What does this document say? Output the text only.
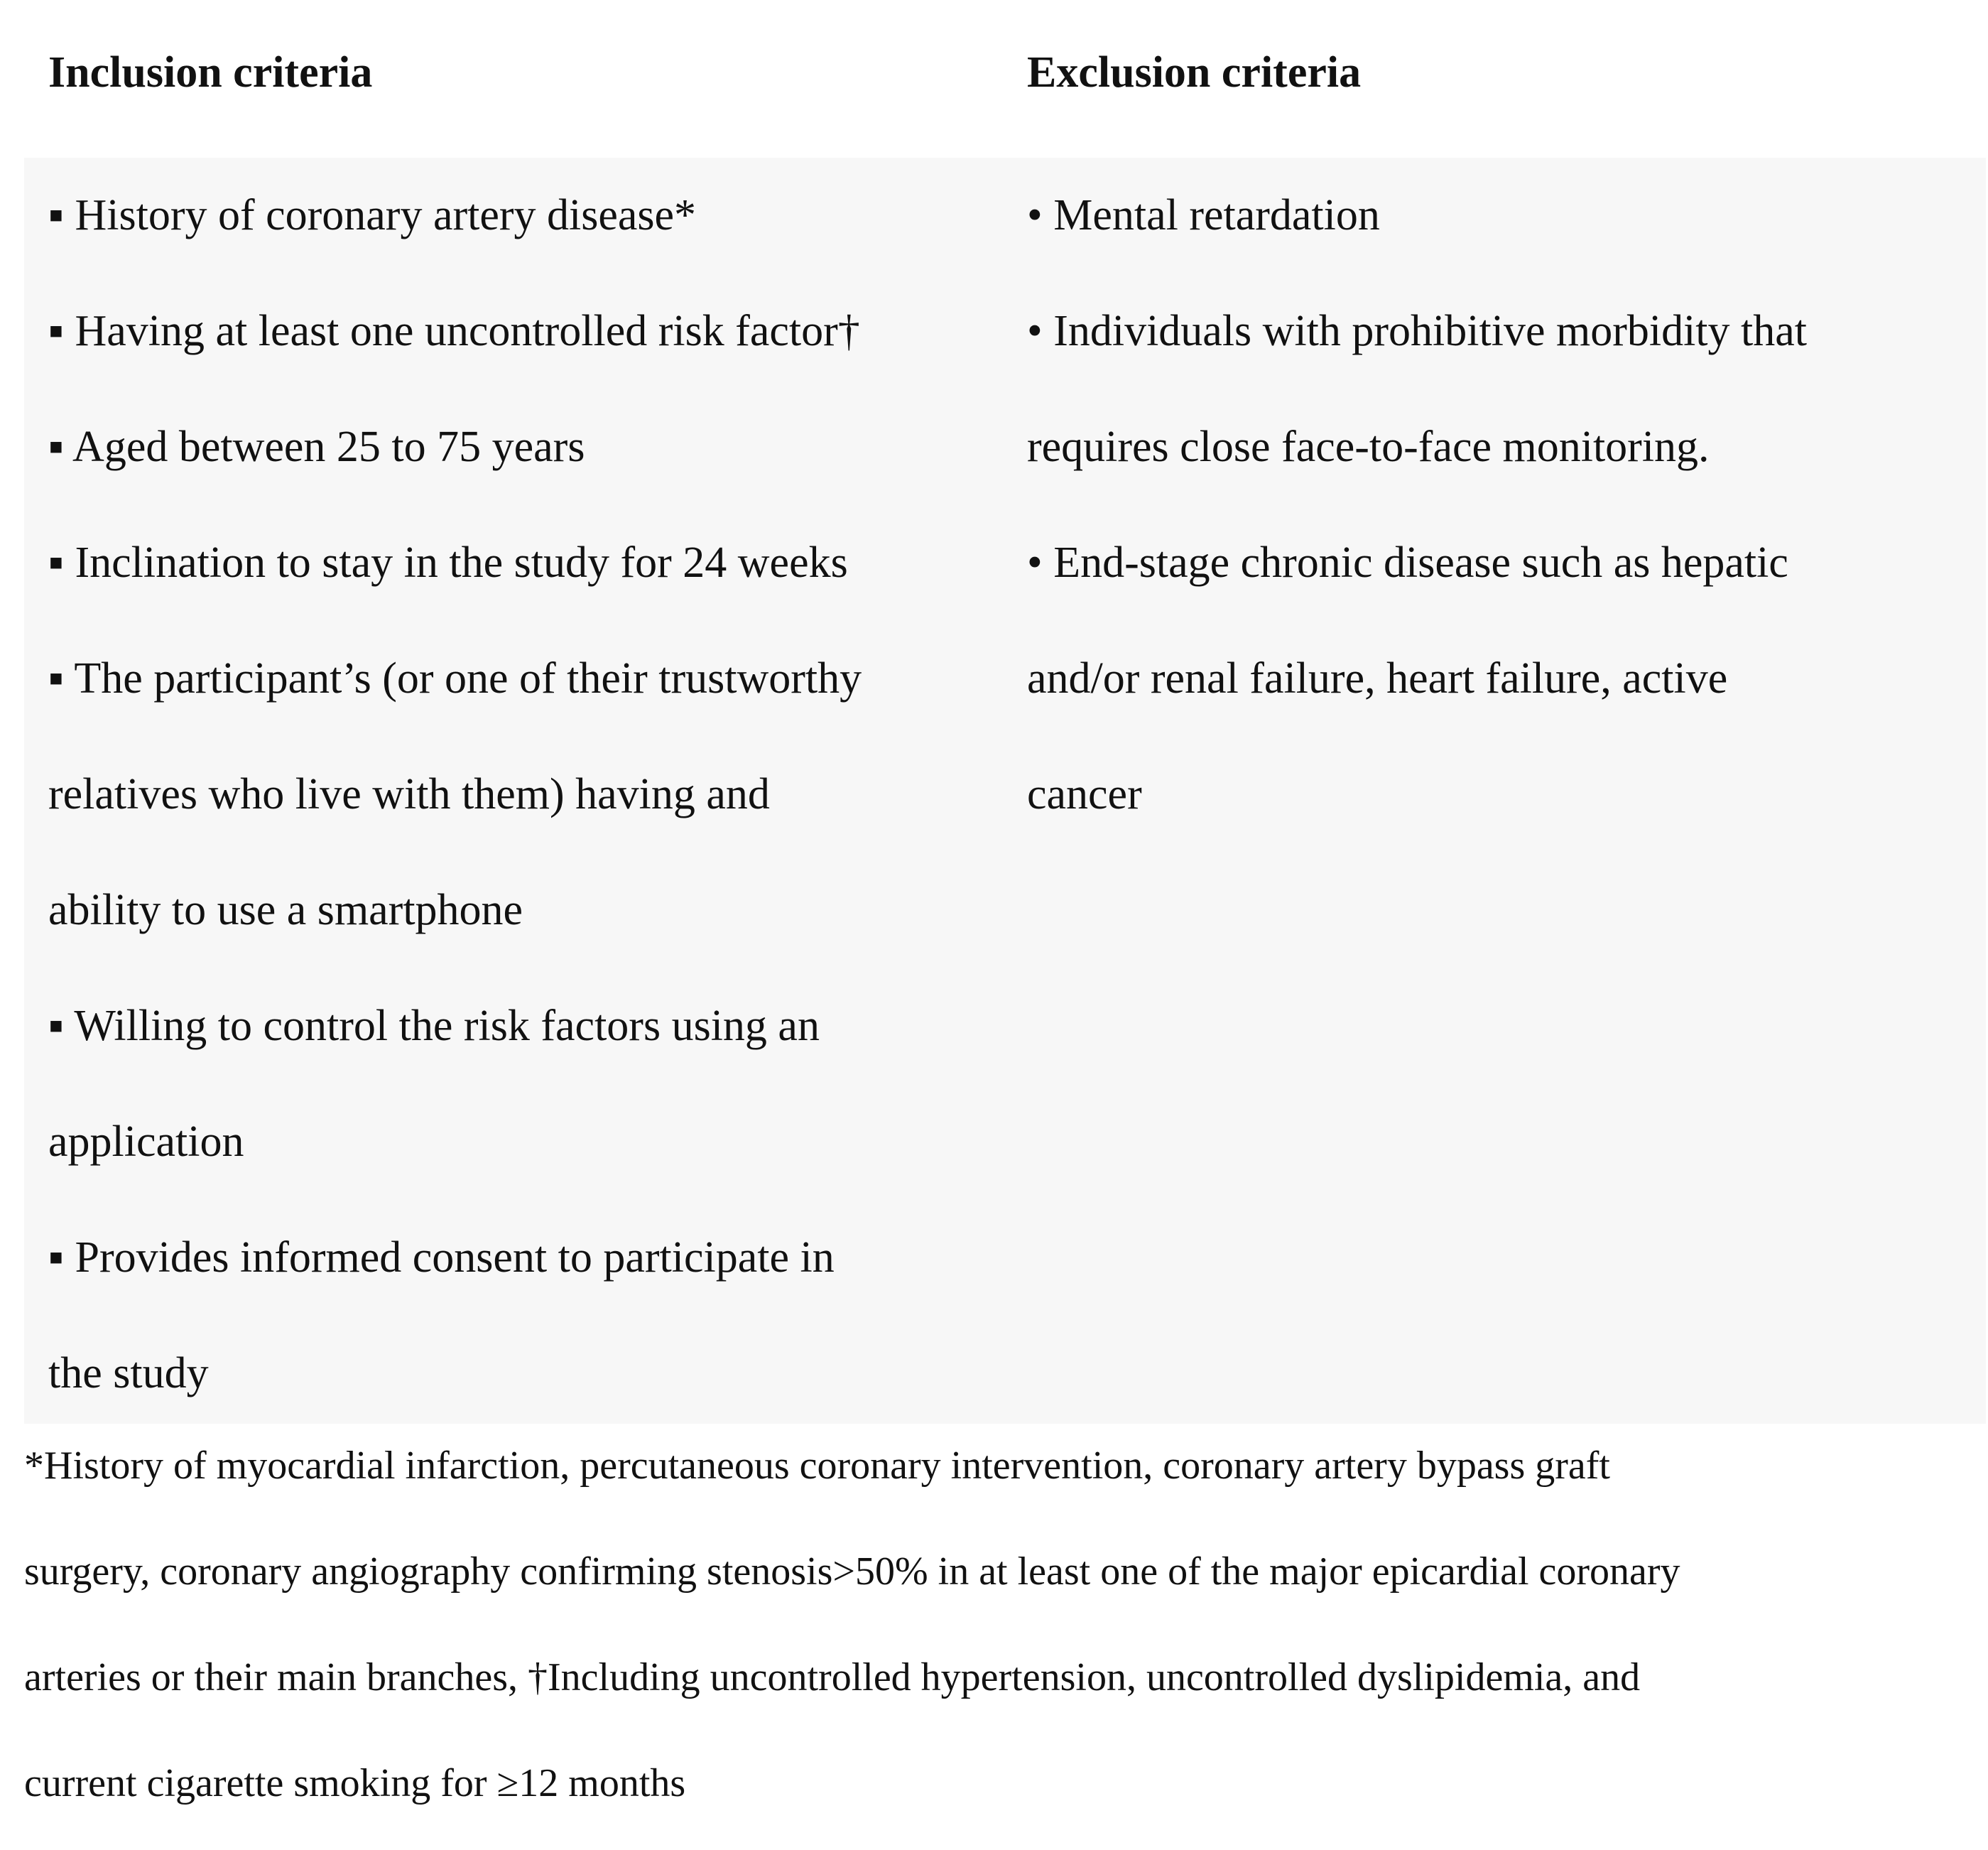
Inclusion criteria	Exclusion criteria
▪ History of coronary artery disease*
▪ Having at least one uncontrolled risk factor†
▪ Aged between 25 to 75 years
▪ Inclination to stay in the study for 24 weeks
▪ The participant’s (or one of their trustworthy
relatives who live with them) having and
ability to use a smartphone
▪ Willing to control the risk factors using an
application
▪ Provides informed consent to participate in
the study
• Mental retardation
• Individuals with prohibitive morbidity that
requires close face-to-face monitoring.
• End-stage chronic disease such as hepatic
and/or renal failure, heart failure, active
cancer
*History of myocardial infarction, percutaneous coronary intervention, coronary artery bypass graft
surgery, coronary angiography confirming stenosis>50% in at least one of the major epicardial coronary
arteries or their main branches, †Including uncontrolled hypertension, uncontrolled dyslipidemia, and
current cigarette smoking for ≥12 months
